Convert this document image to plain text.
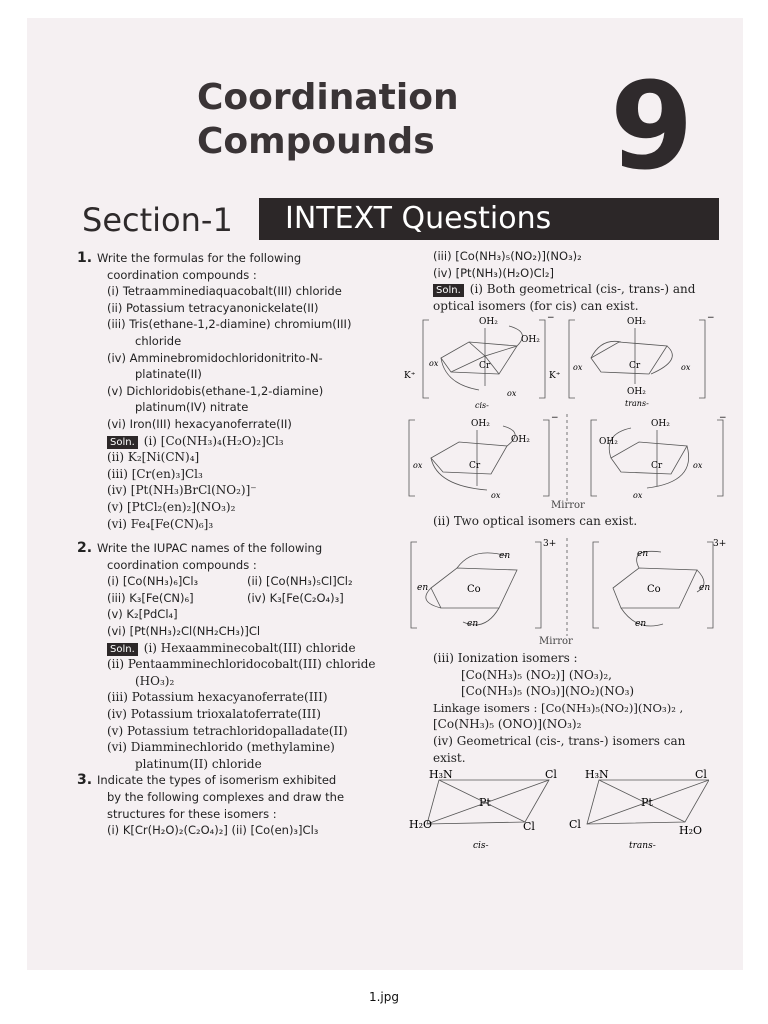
Coordination
Compounds	9
Section-1	INTEXT Questions
1. Write the formulas for the following
coordination compounds :
(i) Tetraamminediaquacobalt(III) chloride
(ii) Potassium tetracyanonickelate(II)
(iii) Tris(ethane-1,2-diamine) chromium(III)
chloride
(iv) Amminebromidochloridonitrito-N-
platinate(II)
(v) Dichloridobis(ethane-1,2-diamine)
platinum(IV) nitrate
(vi) Iron(III) hexacyanoferrate(II)
Soln. (i) [Co(NH₃)₄(H₂O)₂]Cl₃
(ii) K₂[Ni(CN)₄]
(iii) [Cr(en)₃]Cl₃
(iv) [Pt(NH₃)BrCl(NO₂)]⁻
(v) [PtCl₂(en)₂](NO₃)₂
(vi) Fe₄[Fe(CN)₆]₃
2. Write the IUPAC names of the following
coordination compounds :
(i) [Co(NH₃)₆]Cl₃	(ii) [Co(NH₃)₅Cl]Cl₂
(iii) K₃[Fe(CN)₆]	(iv) K₃[Fe(C₂O₄)₃]
(v) K₂[PdCl₄]
(vi) [Pt(NH₃)₂Cl(NH₂CH₃)]Cl
Soln. (i) Hexaamminecobalt(III) chloride
(ii) Pentaamminechloridocobalt(III) chloride
(HO₃)₂
(iii) Potassium hexacyanoferrate(III)
(iv) Potassium trioxalatoferrate(III)
(v) Potassium tetrachloridopalladate(II)
(vi) Diamminechlorido (methylamine)
platinum(II) chloride
3. Indicate the types of isomerism exhibited
by the following complexes and draw the
structures for these isomers :
(i) K[Cr(H₂O)₂(C₂O₄)₂] (ii) [Co(en)₃]Cl₃
(iii) [Co(NH₃)₅(NO₂)](NO₃)₂
(iv) [Pt(NH₃)(H₂O)Cl₂]
Soln. (i) Both geometrical (cis-, trans-) and
optical isomers (for cis) can exist.
OH₂
OH₂
Cr
ox
ox
K⁺
−
cis-
OH₂
Cr
ox	ox
OH₂
K⁺
−
trans-
OH₂
OH₂
Cr
ox
ox
OH₂
OH₂
Cr	ox
ox
−	−
Mirror
(ii) Two optical isomers can exist.
en
en
en
Co
3+
en
en
en
Co
3+
Mirror
(iii) Ionization isomers :
[Co(NH₃)₅ (NO₂)] (NO₃)₂,
[Co(NH₃)₅ (NO₃)](NO₂)(NO₃)
Linkage isomers : [Co(NH₃)₅(NO₂)](NO₃)₂ ,
[Co(NH₃)₅ (ONO)](NO₃)₂
(iv) Geometrical (cis-, trans-) isomers can
exist.
H₃N	Cl
Pt
H₂O	Cl
cis-
H₃N	Cl
Pt
Cl	H₂O
trans-
1.jpg
